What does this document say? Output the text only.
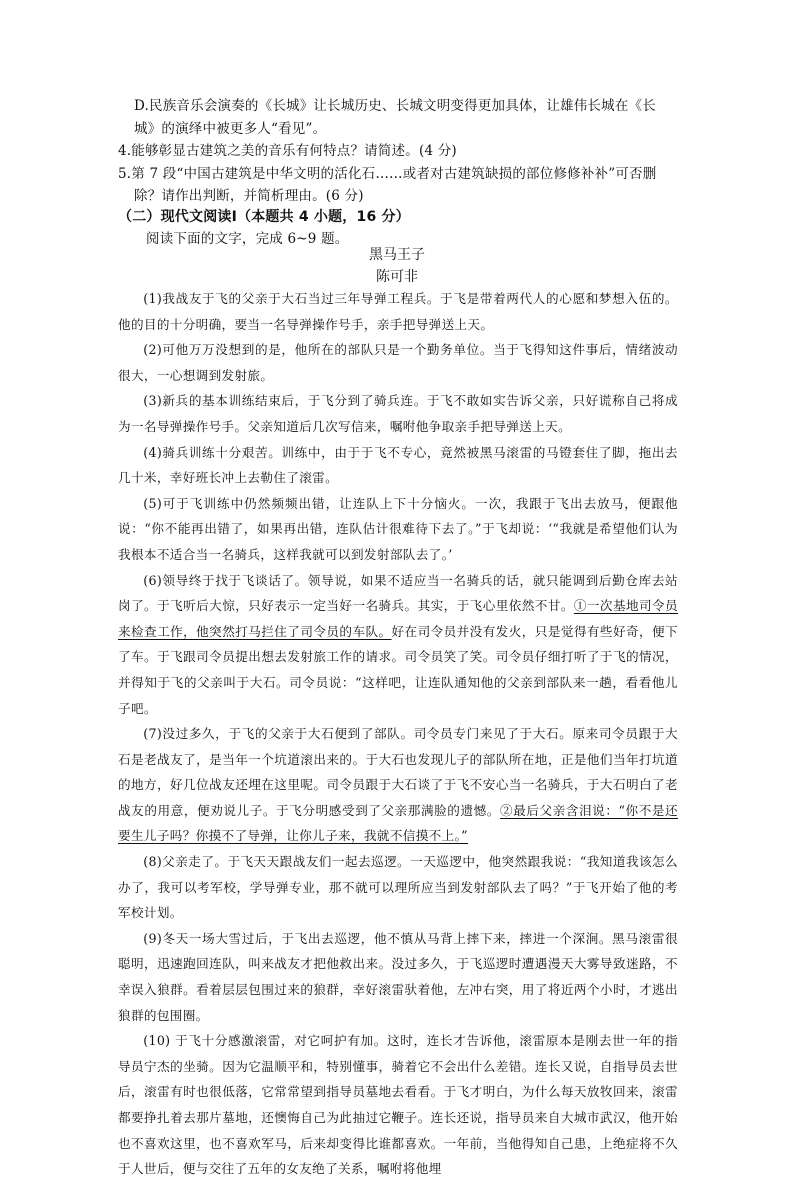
D.民族音乐会演奏的《长城》让长城历史、长城文明变得更加具体，让雄伟长城在《长
城》的演绎中被更多人“看见”。
4.能够彰显古建筑之美的音乐有何特点？请简述。(4 分)
5.第 7 段“中国古建筑是中华文明的活化石……或者对古建筑缺损的部位修修补补”可否删
除？请作出判断，并简析理由。(6 分)
（二）现代文阅读Ⅰ（本题共 4 小题，16 分）
阅读下面的文字，完成 6~9 题。
黑马王子
陈可非

(1)我战友于飞的父亲于大石当过三年导弹工程兵。于飞是带着两代人的心愿和梦想入伍的。他的目的十分明确，要当一名导弹操作号手，亲手把导弹送上天。

(2)可他万万没想到的是，他所在的部队只是一个勤务单位。当于飞得知这件事后，情绪波动很大，一心想调到发射旅。

(3)新兵的基本训练结束后，于飞分到了骑兵连。于飞不敢如实告诉父亲，只好谎称自己将成为一名导弹操作号手。父亲知道后几次写信来，嘱咐他争取亲手把导弹送上天。

(4)骑兵训练十分艰苦。训练中，由于于飞不专心，竟然被黑马滚雷的马镫套住了脚，拖出去几十米，幸好班长冲上去勒住了滚雷。

(5)可于飞训练中仍然频频出错，让连队上下十分恼火。一次，我跟于飞出去放马，便跟他说：“你不能再出错了，如果再出错，连队估计很难待下去了。”于飞却说：‘“我就是希望他们认为我根本不适合当一名骑兵，这样我就可以到发射部队去了。’

(6)领导终于找于飞谈话了。领导说，如果不适应当一名骑兵的话，就只能调到后勤仓库去站岗了。于飞听后大惊，只好表示一定当好一名骑兵。其实，于飞心里依然不甘。①一次基地司令员来检查工作，他突然打马拦住了司令员的车队。好在司令员并没有发火，只是觉得有些好奇，便下了车。于飞跟司令员提出想去发射旅工作的请求。司令员笑了笑。司令员仔细打听了于飞的情况，并得知于飞的父亲叫于大石。司令员说：“这样吧，让连队通知他的父亲到部队来一趟，看看他儿子吧。

(7)没过多久，于飞的父亲于大石便到了部队。司令员专门来见了于大石。原来司令员跟于大石是老战友了，是当年一个坑道滚出来的。于大石也发现儿子的部队所在地，正是他们当年打坑道的地方，好几位战友还埋在这里呢。司令员跟于大石谈了于飞不安心当一名骑兵，于大石明白了老战友的用意，便劝说儿子。于飞分明感受到了父亲那满脸的遗憾。②最后父亲含泪说：“你不是还要生儿子吗？你摸不了导弹，让你儿子来，我就不信摸不上。”

(8)父亲走了。于飞天天跟战友们一起去巡逻。一天巡逻中，他突然跟我说：“我知道我该怎么办了，我可以考军校，学导弹专业，那不就可以理所应当到发射部队去了吗？”于飞开始了他的考军校计划。

(9)冬天一场大雪过后，于飞出去巡逻，他不慎从马背上摔下来，摔进一个深涧。黑马滚雷很聪明，迅速跑回连队，叫来战友才把他救出来。没过多久，于飞巡逻时遭遇漫天大雾导致迷路，不幸误入狼群。看着层层包围过来的狼群，幸好滚雷驮着他，左冲右突，用了将近两个小时，才逃出狼群的包围圈。

(10) 于飞十分感激滚雷，对它呵护有加。这时，连长才告诉他，滚雷原本是刚去世一年的指导员宁杰的坐骑。因为它温顺平和，特别懂事，骑着它不会出什么差错。连长又说，自指导员去世后，滚雷有时也很低落，它常常望到指导员墓地去看看。于飞才明白，为什么每天放牧回来，滚雷都要挣扎着去那片墓地，还懊悔自己为此抽过它鞭子。连长还说，指导员来自大城市武汉，他开始也不喜欢这里，也不喜欢军马，后来却变得比谁都喜欢。一年前，当他得知自己患，上绝症将不久于人世后，便与交往了五年的女友绝了关系，嘱咐将他埋
